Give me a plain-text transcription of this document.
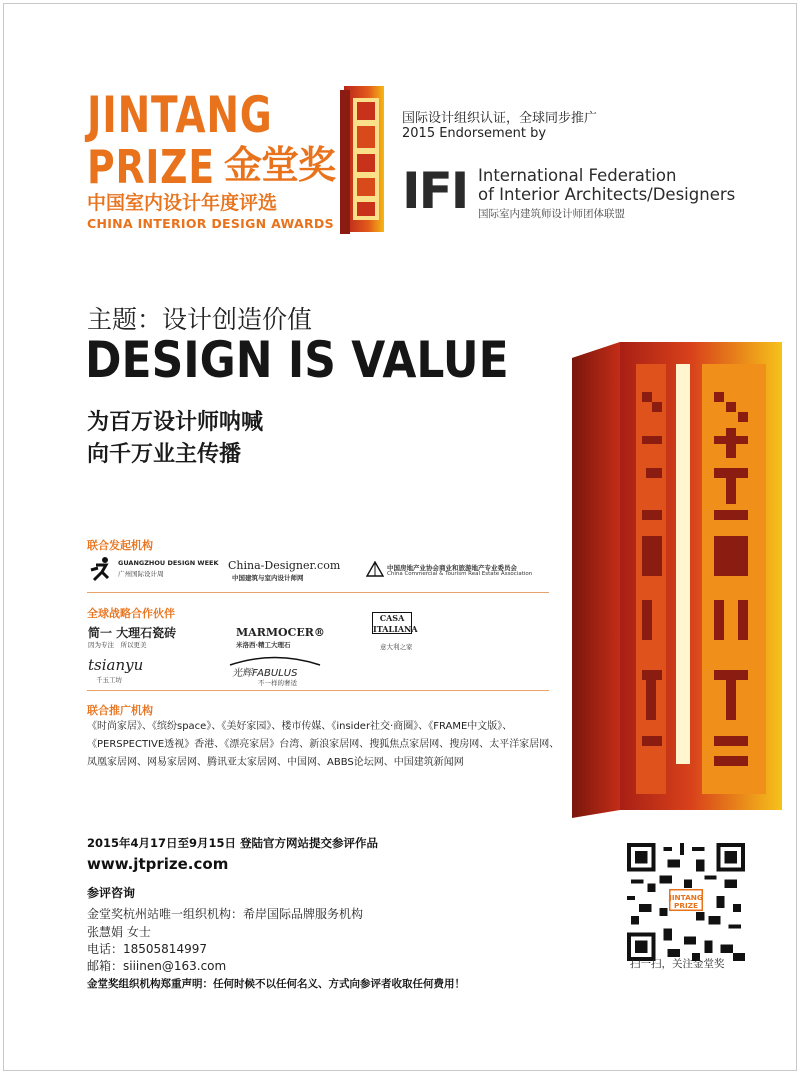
JINTANG
PRIZE 金堂奖
中国室内设计年度评选
CHINA INTERIOR DESIGN AWARDS
国际设计组织认证，全球同步推广
2015 Endorsement by
IFI International Federation
of Interior Architects/Designers
国际室内建筑师设计师团体联盟
主题：设计创造价值
DESIGN IS VALUE
为百万设计师呐喊
向千万业主传播
联合发起机构
GUANGZHOU DESIGN WEEK
广州国际设计周
China-Designer.com
中国建筑与室内设计师网
中国房地产业协会商业和旅游地产专业委员会
China Commercial & Tourism Real Estate Association
全球战略合作伙伴
简一 大理石瓷砖
因为专注　所以更美
MARMOCER®
米洛西·精工大理石
CASA ITALIANA
意大利之家
tsianyu
千玉工坊
光辉FABULUS
不一样的奢适
联合推广机构
《时尚家居》、《缤纷space》、《美好家园》、楼市传媒、《insider社交·商圈》、《FRAME中文版》、
《PERSPECTIVE透视》香港、《漂亮家居》台湾、新浪家居网、搜狐焦点家居网、搜房网、太平洋家居网、
凤凰家居网、网易家居网、腾讯亚太家居网、中国网、ABBS论坛网、中国建筑新闻网
2015年4月17日至9月15日 登陆官方网站提交参评作品
www.jtprize.com
参评咨询
金堂奖杭州站唯一组织机构：希岸国际品牌服务机构
张慧娟 女士
电话：18505814997
邮箱：siiinen@163.com
金堂奖组织机构郑重声明：任何时候不以任何名义、方式向参评者收取任何费用！
JINTANG
PRIZE
扫一扫，关注金堂奖
